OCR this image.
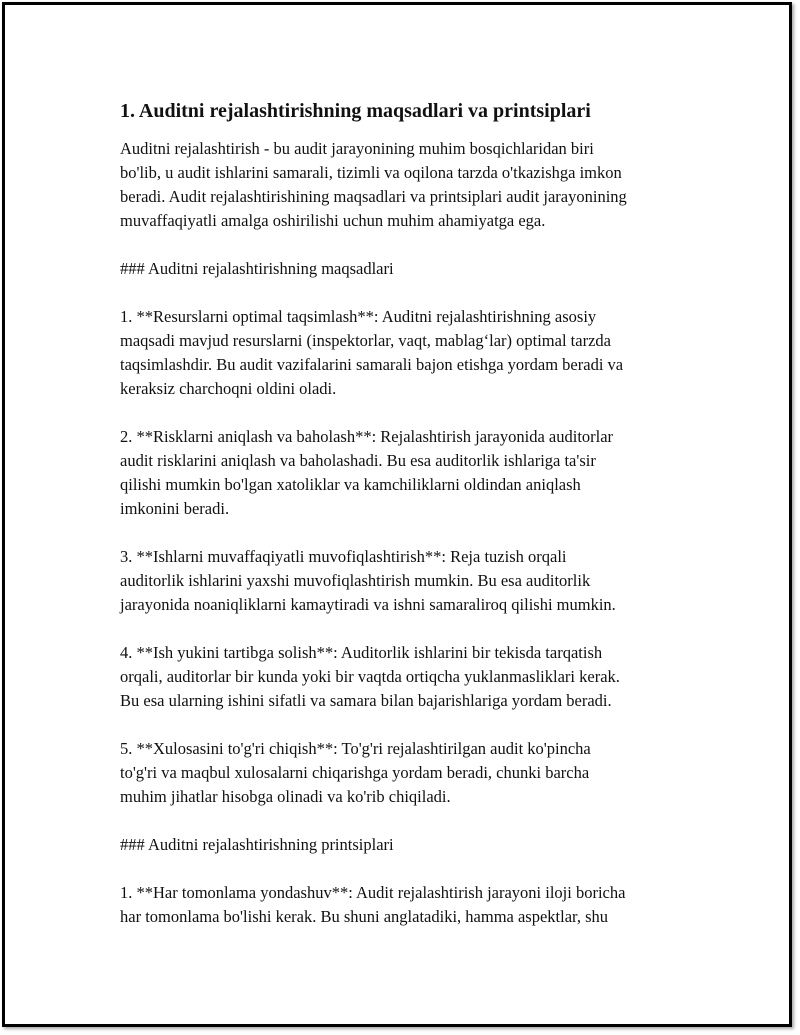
1. Auditni rejalashtirishning maqsadlari va printsiplari

Auditni rejalashtirish - bu audit jarayonining muhim bosqichlaridan biri
bo'lib, u audit ishlarini samarali, tizimli va oqilona tarzda o'tkazishga imkon
beradi. Audit rejalashtirishining maqsadlari va printsiplari audit jarayonining
muvaffaqiyatli amalga oshirilishi uchun muhim ahamiyatga ega.

### Auditni rejalashtirishning maqsadlari

1. **Resurslarni optimal taqsimlash**: Auditni rejalashtirishning asosiy
maqsadi mavjud resurslarni (inspektorlar, vaqt, mablag‘lar) optimal tarzda
taqsimlashdir. Bu audit vazifalarini samarali bajon etishga yordam beradi va
keraksiz charchoqni oldini oladi.

2. **Risklarni aniqlash va baholash**: Rejalashtirish jarayonida auditorlar
audit risklarini aniqlash va baholashadi. Bu esa auditorlik ishlariga ta'sir
qilishi mumkin bo'lgan xatoliklar va kamchiliklarni oldindan aniqlash
imkonini beradi.

3. **Ishlarni muvaffaqiyatli muvofiqlashtirish**: Reja tuzish orqali
auditorlik ishlarini yaxshi muvofiqlashtirish mumkin. Bu esa auditorlik
jarayonida noaniqliklarni kamaytiradi va ishni samaraliroq qilishi mumkin.

4. **Ish yukini tartibga solish**: Auditorlik ishlarini bir tekisda tarqatish
orqali, auditorlar bir kunda yoki bir vaqtda ortiqcha yuklanmasliklari kerak.
Bu esa ularning ishini sifatli va samara bilan bajarishlariga yordam beradi.

5. **Xulosasini to'g'ri chiqish**: To'g'ri rejalashtirilgan audit ko'pincha
to'g'ri va maqbul xulosalarni chiqarishga yordam beradi, chunki barcha
muhim jihatlar hisobga olinadi va ko'rib chiqiladi.

### Auditni rejalashtirishning printsiplari

1. **Har tomonlama yondashuv**: Audit rejalashtirish jarayoni iloji boricha
har tomonlama bo'lishi kerak. Bu shuni anglatadiki, hamma aspektlar, shu
